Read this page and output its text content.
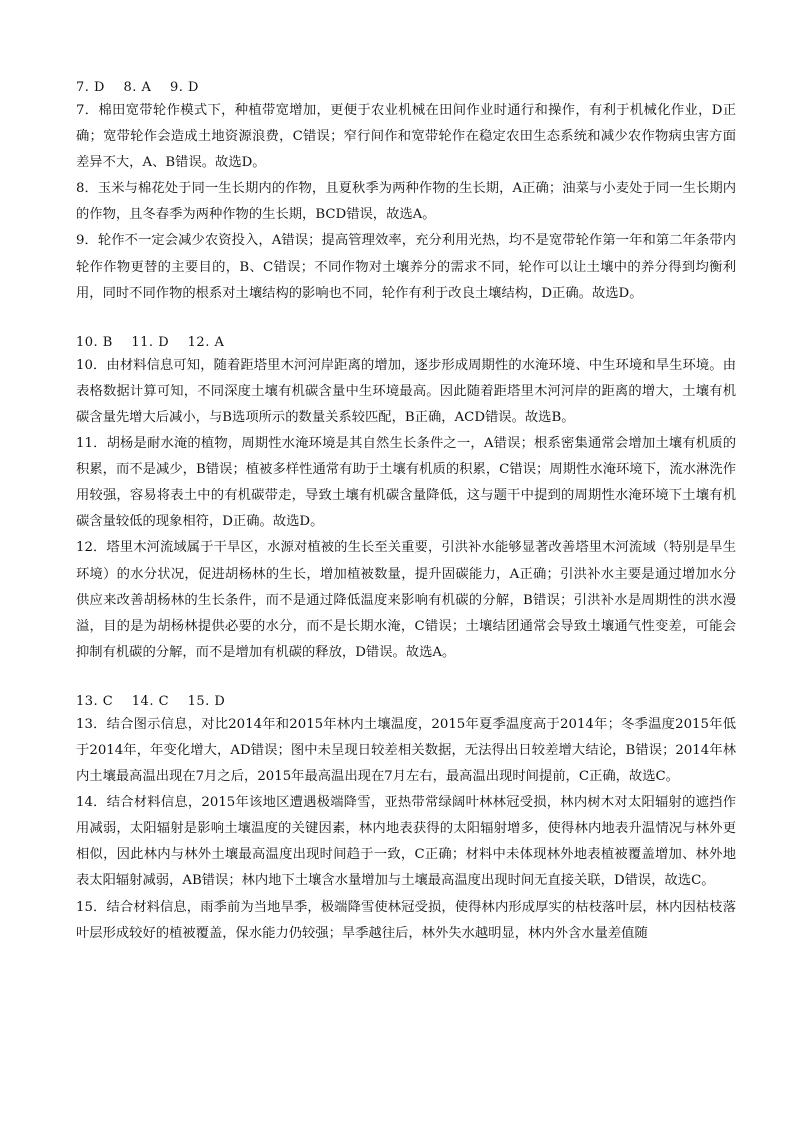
7. D    8. A    9. D

7．棉田宽带轮作模式下，种植带宽增加，更便于农业机械在田间作业时通行和操作，有利于机械化作业，D正确；宽带轮作会造成土地资源浪费，C错误；窄行间作和宽带轮作在稳定农田生态系统和减少农作物病虫害方面差异不大，A、B错误。故选D。

8．玉米与棉花处于同一生长期内的作物，且夏秋季为两种作物的生长期，A正确；油菜与小麦处于同一生长期内的作物，且冬春季为两种作物的生长期，BCD错误，故选A。

9．轮作不一定会减少农资投入，A错误；提高管理效率，充分利用光热，均不是宽带轮作第一年和第二年条带内轮作作物更替的主要目的，B、C错误；不同作物对土壤养分的需求不同，轮作可以让土壤中的养分得到均衡利用，同时不同作物的根系对土壤结构的影响也不同，轮作有利于改良土壤结构，D正确。故选D。

10. B    11. D    12. A

10．由材料信息可知，随着距塔里木河河岸距离的增加，逐步形成周期性的水淹环境、中生环境和旱生环境。由表格数据计算可知，不同深度土壤有机碳含量中生环境最高。因此随着距塔里木河河岸的距离的增大，土壤有机碳含量先增大后减小，与B选项所示的数量关系较匹配，B正确，ACD错误。故选B。

11．胡杨是耐水淹的植物，周期性水淹环境是其自然生长条件之一，A错误；根系密集通常会增加土壤有机质的积累，而不是减少，B错误；植被多样性通常有助于土壤有机质的积累，C错误；周期性水淹环境下，流水淋洗作用较强，容易将表土中的有机碳带走，导致土壤有机碳含量降低，这与题干中提到的周期性水淹环境下土壤有机碳含量较低的现象相符，D正确。故选D。

12．塔里木河流域属于干旱区，水源对植被的生长至关重要，引洪补水能够显著改善塔里木河流域（特别是旱生环境）的水分状况，促进胡杨林的生长，增加植被数量，提升固碳能力，A正确；引洪补水主要是通过增加水分供应来改善胡杨林的生长条件，而不是通过降低温度来影响有机碳的分解，B错误；引洪补水是周期性的洪水漫溢，目的是为胡杨林提供必要的水分，而不是长期水淹，C错误；土壤结团通常会导致土壤通气性变差，可能会抑制有机碳的分解，而不是增加有机碳的释放，D错误。故选A。

13. C    14. C    15. D

13．结合图示信息，对比2014年和2015年林内土壤温度，2015年夏季温度高于2014年；冬季温度2015年低于2014年，年变化增大，AD错误；图中未呈现日较差相关数据，无法得出日较差增大结论，B错误；2014年林内土壤最高温出现在7月之后，2015年最高温出现在7月左右，最高温出现时间提前，C正确，故选C。

14．结合材料信息，2015年该地区遭遇极端降雪，亚热带常绿阔叶林林冠受损，林内树木对太阳辐射的遮挡作用减弱，太阳辐射是影响土壤温度的关键因素，林内地表获得的太阳辐射增多，使得林内地表升温情况与林外更相似，因此林内与林外土壤最高温度出现时间趋于一致，C正确；材料中未体现林外地表植被覆盖增加、林外地表太阳辐射减弱，AB错误；林内地下土壤含水量增加与土壤最高温度出现时间无直接关联，D错误，故选C。

15．结合材料信息，雨季前为当地旱季，极端降雪使林冠受损，使得林内形成厚实的枯枝落叶层，林内因枯枝落叶层形成较好的植被覆盖，保水能力仍较强；旱季越往后，林外失水越明显，林内外含水量差值随
